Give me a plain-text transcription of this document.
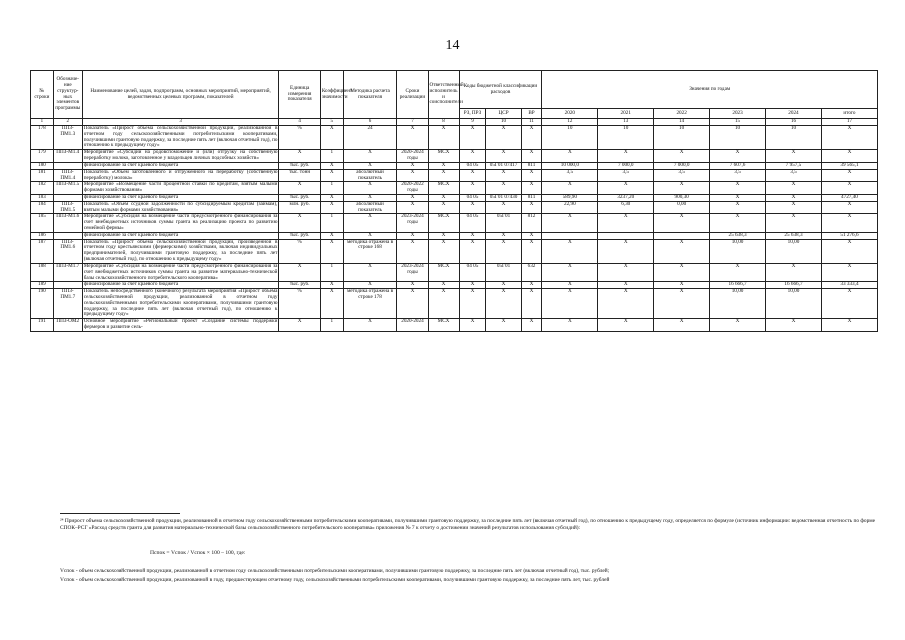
14
№ строки	Обозначе-ние структур-ных элементов программы	Наименование целей, задач, подпрограмм, основных мероприятий, мероприятий, ведомственных целевых программ, показателей	Единица измерения показателя	Коэффициент значимости	Методика расчета показателя	Сроки реализации	Ответственный исполнитель и соисполнители	Коды бюджетной классификации расходов			Значения по годам					
								РЗ, ПРЗ	ЦСР	ВР	2020	2021	2022	2023	2024	итого
1	2	3	4	5	6	7	8	9	10	11	12	13	14	15	16	17
178	ППЗ-ПМ1.3	Показатель «Прирост объема сельскохозяйственной продукции, реализованной в отчетном году сельскохозяйственными потребительскими кооперативами, получившими грантовую поддержку, за последние пять лет (включая отчетный год), по отношению к предыдущему году»	%	X	24	X	X	X	X	X	10	10	10	10	10	X
179	ППЗ-М1.4	Мероприятие «Субсидии на родовспоможение и (или) отгрузку на собственную переработку молоко, заготовленное у владельцев личных подсобных хозяйств»	X	1	X	2020-2024 годы	МСХ	X	X	X	X	X	X	X	X	X
180		финансирование за счет краевого бюджета	тыс. руб.	X	X	X	X	04 05	05Г01 07417	811	10 000,0	7 000,0	7 000,0	7 607,6	7 957,5	39 565,1
181	ППЗ-ПМ1.4	Показатель «Объем заготовленного и отгруженного на переработку (собственную переработку) молока»	тыс. тонн	X	абсолютный показатель	X	X	X	X	X	3,5	3,5	3,5	3,5	3,5	X
182	ППЗ-М1.5	Мероприятие «Возмещение части процентной ставки по кредитам, взятым малыми формами хозяйствования»	X	1	X	2020-2022 годы	МСХ	X	X	X	X	X	X	X	X	X
183		финансирование за счет краевого бюджета	тыс. руб.	X	X	X	X	04 05	05Г01 07430	811	589,90	3237,20	900,30	X	X	4727,40
184	ППЗ-ПМ1.5	Показатель «Объем ссудной задолженности по субсидируемым кредитам (займам), взятым малыми формами хозяйствования»	млн. руб.	X	абсолютный показатель	X	X	X	X	X	22,90	6,30	0,00	X	X	X
185	ППЗ-М1.6	Мероприятие «Субсидия на возмещение части предусмотренного финансирования за счет внебюджетных источников суммы гранта на реализацию проекта по развитию семейной фермы»	X	1	X	2023-2024 годы	МСХ	04 05	05Г01	812	X	X	X	X	X	X
186		финансирование за счет краевого бюджета	тыс. руб.	X	X	X	X	X	X	X				25 638,3	25 638,3	51 276,6
187	ППЗ-ПМ1.6	Показатель «Прирост объема сельскохозяйственной продукции, произведенной в отчетном году крестьянскими (фермерскими) хозяйствами, включая индивидуальных предпринимателей, получившими грантовую поддержку, за последние пять лет (включая отчетный год), по отношению к предыдущему году»	%	X	методика отражена в строке 168	X	X	X	X	X	X	X	X	10,00	10,00	X
188	ППЗ-М1.7	Мероприятие «Субсидия на возмещение части предусмотренного финансирования за счет внебюджетных источников суммы гранта на развитие материально-технической базы сельскохозяйственного потребительского кооператива»	X	1	X	2023-2024 годы	МСХ	04 05	05Г01	632	X	X	X	X	X	X
189		финансирование за счет краевого бюджета	тыс. руб.	X	X	X	X	X	X	X	X	X	X	16 666,7	16 666,7	33 333,4
190	ППЗ-ПМ1.7	Показатель непосредственного (конечного) результата мероприятия «Прирост объема сельскохозяйственной продукции, реализованной в отчетном году сельскохозяйственными потребительскими кооперативами, получившими грантовую поддержку, за последние пять лет (включая отчетный год), по отношению к предыдущему году»	%	X	методика отражена в строке 178	X	X	X	X	X	X	X	X	10,00	10,00	X
191	ППЗ-ОМ2	Основное мероприятие «Региональный проект «Создание системы поддержки фермеров и развитие сель-	X	1	X	2020-2024	МСХ	X	X	X	X	X	X	X	X	X
²⁴ Прирост объема сельскохозяйственной продукции, реализованной в отчетном году сельскохозяйственными потребительскими кооперативами, получившими грантовую поддержку, за последние пять лет (включая отчетный год), по отношению к предыдущему году, определяется по формуле (источник информации: ведомственная отчетность по форме СПОК–РСГ «Расход средств гранта для развития материально-технической базы сельскохозяйственного потребительского кооператива» приложения № 7 к отчету о достижении значений результатов использования субсидий):
Пспок = Vспок / Vспок × 100 – 100, где:
Vспок - объем сельскохозяйственной продукции, реализованной в отчетном году сельскохозяйственными потребительскими кооперативами, получившими грантовую поддержку, за последние пять лет (включая отчетный год), тыс. рублей;
Vспок - объем сельскохозяйственной продукции, реализованной в году, предшествующем отчетному году, сельскохозяйственными потребительскими кооперативами, получившими грантовую поддержку, за последние пять лет, тыс. рублей
